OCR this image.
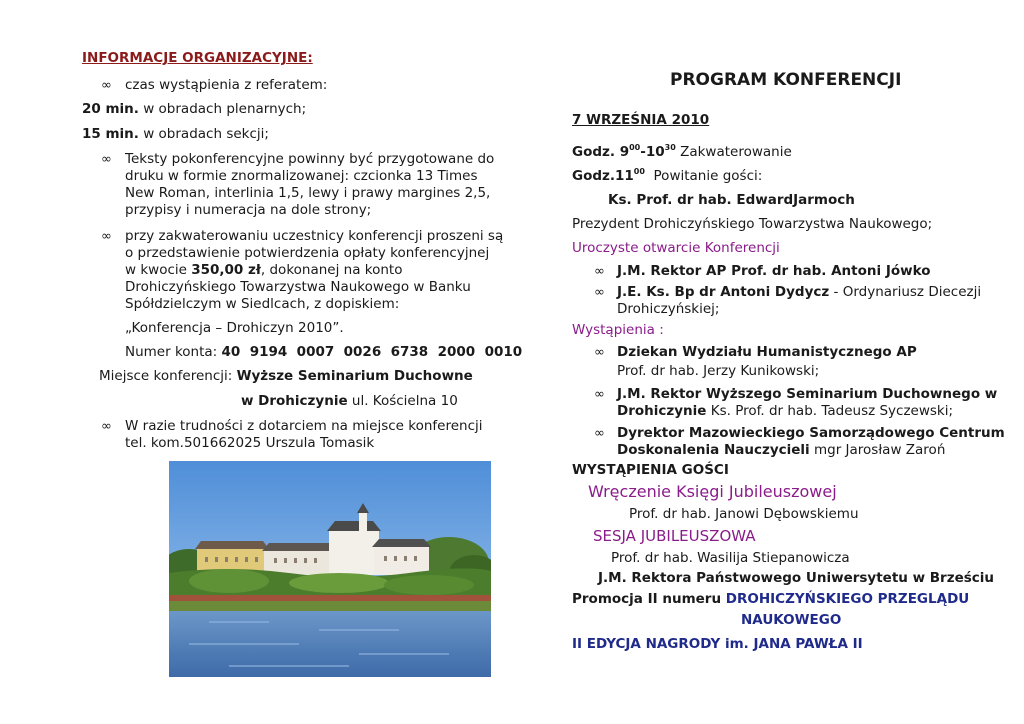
INFORMACJE ORGANIZACYJNE:
∞ czas wystąpienia z referatem:
20 min. w obradach plenarnych;
15 min. w obradach sekcji;
∞ Teksty pokonferencyjne powinny być przygotowane do
druku w formie znormalizowanej: czcionka 13 Times
New Roman, interlinia 1,5, lewy i prawy margines 2,5,
przypisy i numeracja na dole strony;
∞ przy zakwaterowaniu uczestnicy konferencji proszeni są
o przedstawienie potwierdzenia opłaty konferencyjnej
w kwocie 350,00 zł, dokonanej na konto
Drohiczyńskiego Towarzystwa Naukowego w Banku
Spółdzielczym w Siedlcach, z dopiskiem:
„Konferencja – Drohiczyn 2010”.
Numer konta: 40  9194  0007  0026  6738  2000  0010
Miejsce konferencji: Wyższe Seminarium Duchowne
w Drohiczynie ul. Kościelna 10
∞ W razie trudności z dotarciem na miejsce konferencji
tel. kom.501662025 Urszula Tomasik
PROGRAM KONFERENCJI
7 WRZEŚNIA 2010
Godz. $9^{00}-10^{30}$ Zakwaterowanie
$Godz.11^{00}$  Powitanie gości:
Ks. Prof. dr hab. EdwardJarmoch
Prezydent Drohiczyńskiego Towarzystwa Naukowego;
Uroczyste otwarcie Konferencji
∞ J.M. Rektor AP Prof. dr hab. Antoni Jówko
∞ J.E. Ks. Bp dr Antoni Dydycz - Ordynariusz Diecezji
Drohiczyńskiej;
Wystąpienia :
∞ Dziekan Wydziału Humanistycznego AP
Prof. dr hab. Jerzy Kunikowski;
∞ J.M. Rektor Wyższego Seminarium Duchownego w
Drohiczynie Ks. Prof. dr hab. Tadeusz Syczewski;
∞ Dyrektor Mazowieckiego Samorządowego Centrum
Doskonalenia Nauczycieli mgr Jarosław Zaroń
WYSTĄPIENIA GOŚCI
Wręczenie Księgi Jubileuszowej
Prof. dr hab. Janowi Dębowskiemu
SESJA JUBILEUSZOWA
Prof. dr hab. Wasilija Stiepanowicza
J.M. Rektora Państwowego Uniwersytetu w Brześciu
Promocja II numeru DROHICZYŃSKIEGO PRZEGLĄDU
NAUKOWEGO
II EDYCJA NAGRODY im. JANA PAWŁA II
